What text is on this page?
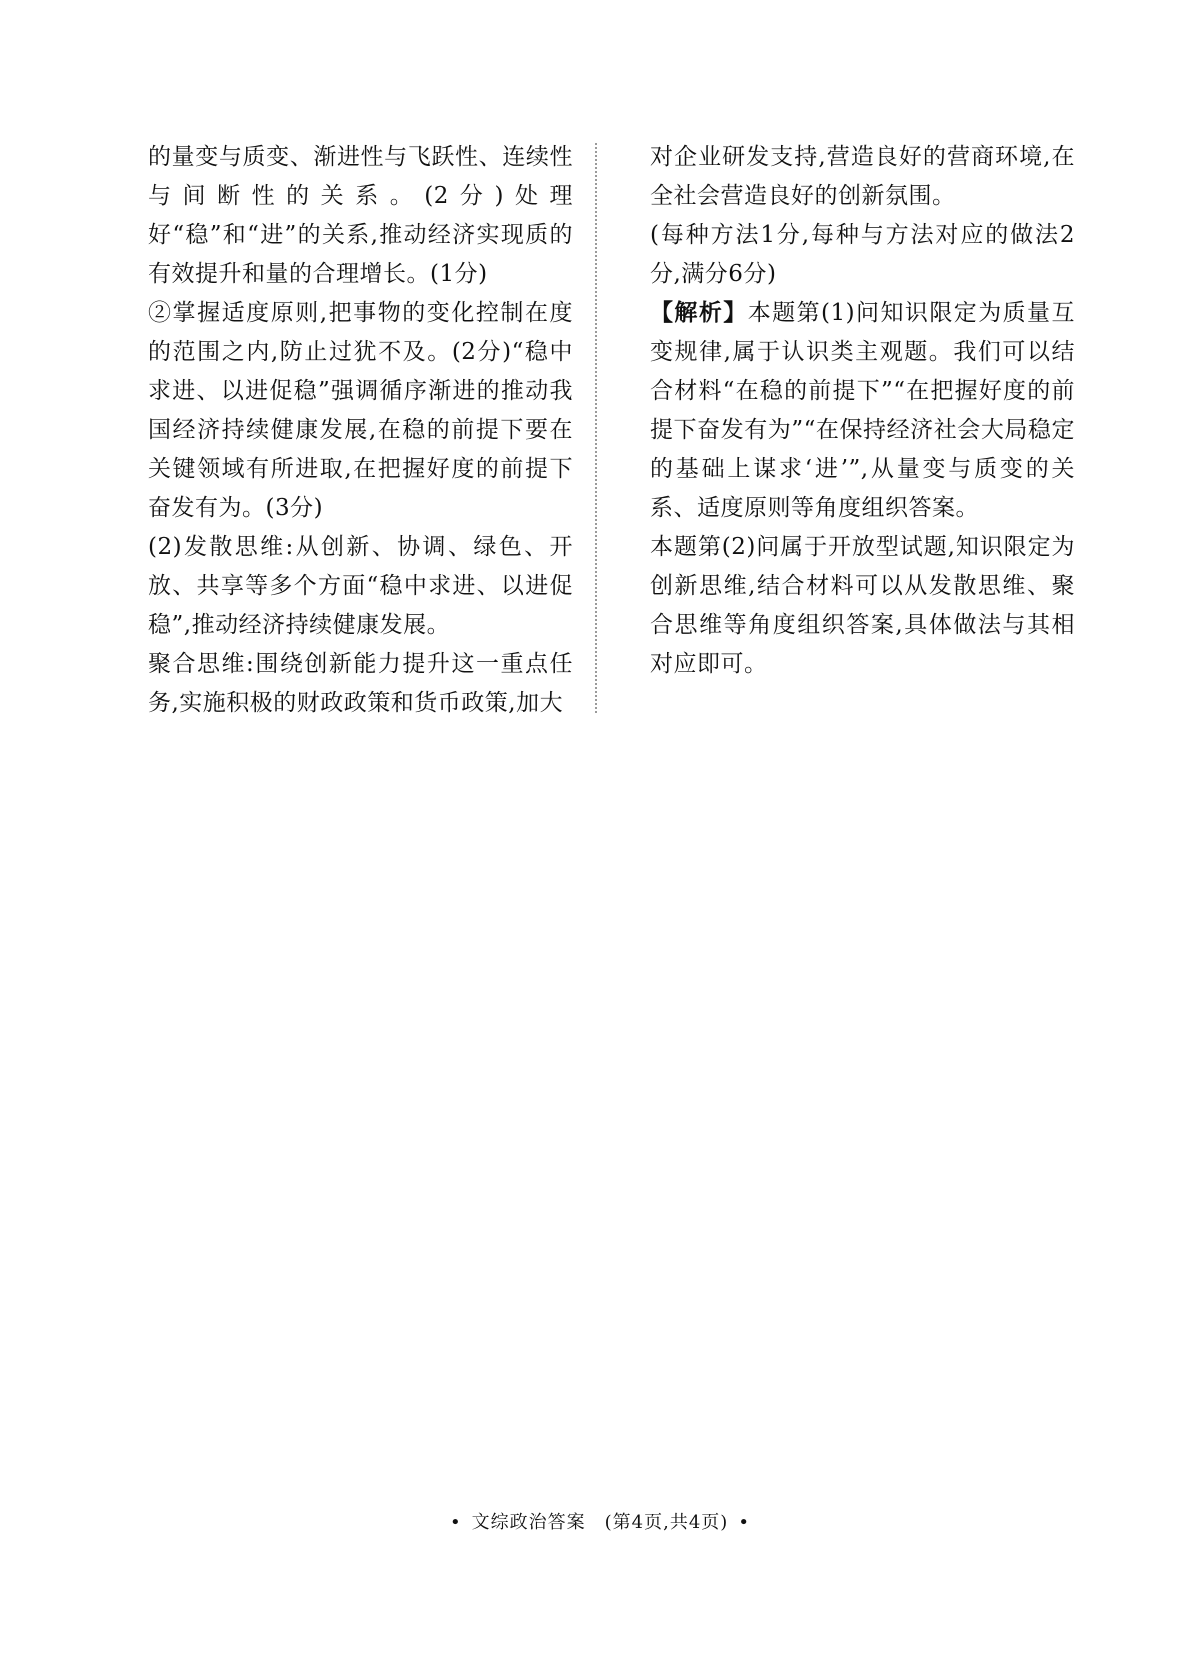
的量变与质变、渐进性与飞跃性、连续性与间断性的关系。(2分)处理好“稳”和“进”的关系,推动经济实现质的有效提升和量的合理增长。(1分)

②掌握适度原则,把事物的变化控制在度的范围之内,防止过犹不及。(2分)“稳中求进、以进促稳”强调循序渐进的推动我国经济持续健康发展,在稳的前提下要在关键领域有所进取,在把握好度的前提下奋发有为。(3分)

(2)发散思维:从创新、协调、绿色、开放、共享等多个方面“稳中求进、以进促稳”,推动经济持续健康发展。

聚合思维:围绕创新能力提升这一重点任务,实施积极的财政政策和货币政策,加大

对企业研发支持,营造良好的营商环境,在全社会营造良好的创新氛围。

(每种方法1分,每种与方法对应的做法2分,满分6分)

【解析】本题第(1)问知识限定为质量互变规律,属于认识类主观题。我们可以结合材料“在稳的前提下”“在把握好度的前提下奋发有为”“在保持经济社会大局稳定的基础上谋求‘进’”,从量变与质变的关系、适度原则等角度组织答案。

本题第(2)问属于开放型试题,知识限定为创新思维,结合材料可以从发散思维、聚合思维等角度组织答案,具体做法与其相对应即可。

• 文综政治答案　(第4页,共4页) •
